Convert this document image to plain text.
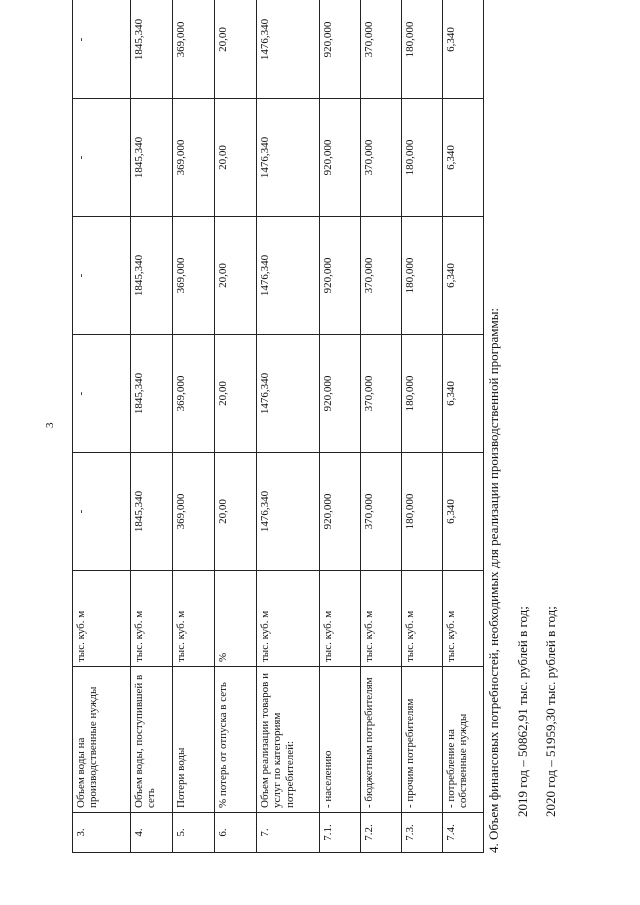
3
3.	Объем воды на производственные нужды	тыс. куб. м	-	-	-	-	-
4.	Объем воды, поступившей в сеть	тыс. куб. м	1845,340	1845,340	1845,340	1845,340	1845,340
5.	Потери воды	тыс. куб. м	369,000	369,000	369,000	369,000	369,000
6.	% потерь от отпуска в сеть	%	20,00	20,00	20,00	20,00	20,00
7.	Объем реализации товаров и услуг по категориям потребителей:	тыс. куб. м	1476,340	1476,340	1476,340	1476,340	1476,340
7.1.	- населению	тыс. куб. м	920,000	920,000	920,000	920,000	920,000
7.2.	- бюджетным потребителям	тыс. куб. м	370,000	370,000	370,000	370,000	370,000
7.3.	- прочим потребителям	тыс. куб. м	180,000	180,000	180,000	180,000	180,000
7.4.	- потребление на собственные нужды	тыс. куб. м	6,340	6,340	6,340	6,340	6,340

4. Объем финансовых потребностей, необходимых для реализации производственной программы: 2019 год – 50862,91 тыс. рублей в год; 2020 год – 51959,30 тыс. рублей в год;
